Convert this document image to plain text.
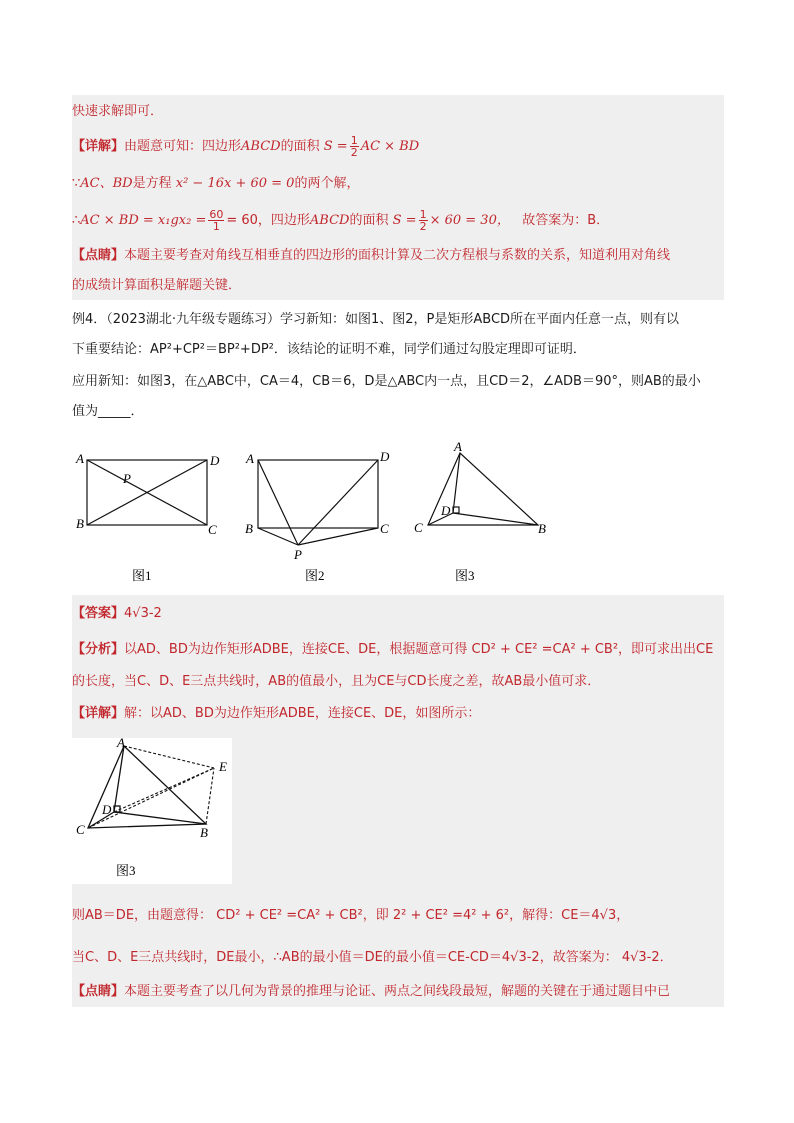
快速求解即可．
【详解】由题意可知：四边形ABCD的面积 $S = \frac{1}{2}$ AC × BD
∵AC、BD是方程 x² − 16x + 60 = 0的两个解，
∴AC × BD = $x_1gx_2 = \frac{60}{1} = 60$，四边形ABCD的面积 $S = \frac{1}{2} \times 60 = 30$， 故答案为：B．
【点睛】本题主要考查对角线互相垂直的四边形的面积计算及二次方程根与系数的关系，知道利用对角线
的成绩计算面积是解题关键．
例4．（2023湖北·九年级专题练习）学习新知：如图1、图2，P是矩形ABCD所在平面内任意一点，则有以
下重要结论：AP²+CP²＝BP²+DP²．该结论的证明不难，同学们通过勾股定理即可证明．
应用新知：如图3，在△ABC中，CA＝4，CB＝6，D是△ABC内一点，且CD＝2，∠ADB＝90°，则AB的最小
值为_____．
A	D
B	C
P
图1
A	D
B	C
P
图2
A
C	B
D
图3
【答案】4√3-2
【分析】以AD、BD为边作矩形ADBE，连接CE、DE，根据题意可得 CD² + CE² =CA² + CB²，即可求出出CE
的长度，当C、D、E三点共线时，AB的值最小，且为CE与CD长度之差，故AB最小值可求．
【详解】解：以AD、BD为边作矩形ADBE，连接CE、DE，如图所示：
A
E
C	B
D
图3
则AB＝DE，由题意得： CD² + CE² =CA² + CB²，即 2² + CE² =4² + 6²，解得：CE＝4√3，
当C、D、E三点共线时，DE最小，∴AB的最小值＝DE的最小值＝CE-CD＝4√3-2，故答案为： 4√3-2．
【点睛】本题主要考查了以几何为背景的推理与论证、两点之间线段最短，解题的关键在于通过题目中已
